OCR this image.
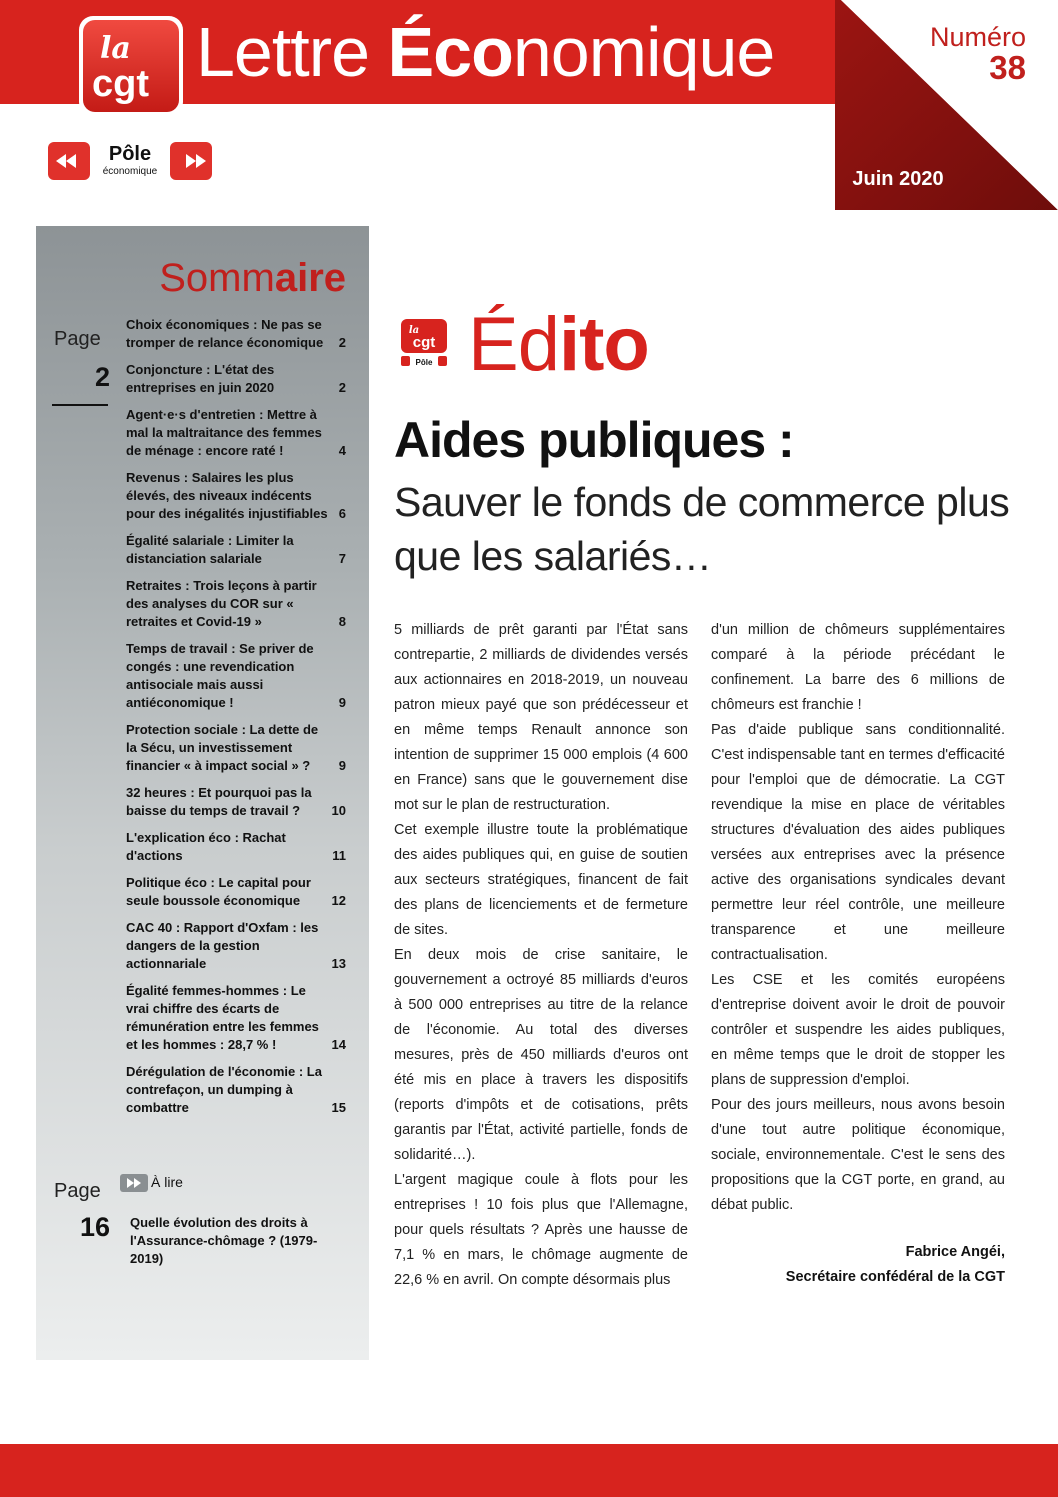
Numéro
38
Juin 2020
la
cgt Lettre Économique
Pôle
économique
Sommaire
Page
2
Choix économiques : Ne pas se tromper de relance économique 2
Conjoncture : L'état des entreprises en juin 2020	2
Agent·e·s d'entretien : Mettre à mal la maltraitance des femmes de ménage : encore raté !	4
Revenus : Salaires les plus élevés, des niveaux indécents pour des inégalités injustifiables 6
Égalité salariale : Limiter la distanciation salariale	7
Retraites : Trois leçons à partir des analyses du COR sur « retraites et Covid-19 »	8
Temps de travail : Se priver de congés : une revendication antisociale mais aussi antiéconomique !	9
Protection sociale : La dette de la Sécu, un investissement financier « à impact social » ? 9
32 heures : Et pourquoi pas la baisse du temps de travail ? 10
L'explication éco : Rachat d'actions	11
Politique éco : Le capital pour seule boussole économique 12
CAC 40 : Rapport d'Oxfam : les dangers de la gestion actionnariale	13
Égalité femmes-hommes : Le vrai chiffre des écarts de rémunération entre les femmes et les hommes : 28,7 % !	14
Dérégulation de l'économie : La contrefaçon, un dumping à combattre	15
Page
16
À lire
Quelle évolution des droits à l'Assurance-chômage ? (1979-2019)
cgt
la
Pôle Édito
Aides publiques :
Sauver le fonds de commerce plus que les salariés…

5 milliards de prêt garanti par l'État sans contrepartie, 2 milliards de dividendes versés aux actionnaires en 2018-2019, un nouveau patron mieux payé que son prédécesseur et en même temps Renault annonce son intention de supprimer 15 000 emplois (4 600 en France) sans que le gouvernement dise mot sur le plan de restructuration.

Cet exemple illustre toute la problématique des aides publiques qui, en guise de soutien aux secteurs stratégiques, financent de fait des plans de licenciements et de fermeture de sites.

En deux mois de crise sanitaire, le gouvernement a octroyé 85 milliards d'euros à 500 000 entreprises au titre de la relance de l'économie. Au total des diverses mesures, près de 450 milliards d'euros ont été mis en place à travers les dispositifs (reports d'impôts et de cotisations, prêts garantis par l'État, activité partielle, fonds de solidarité…).

L'argent magique coule à flots pour les entreprises ! 10 fois plus que l'Allemagne, pour quels résultats ? Après une hausse de 7,1 % en mars, le chômage augmente de 22,6 % en avril. On compte désormais plus

d'un million de chômeurs supplémentaires comparé à la période précédant le confinement. La barre des 6 millions de chômeurs est franchie !

Pas d'aide publique sans conditionnalité. C'est indispensable tant en termes d'efficacité pour l'emploi que de démocratie. La CGT revendique la mise en place de véritables structures d'évaluation des aides publiques versées aux entreprises avec la présence active des organisations syndicales devant permettre leur réel contrôle, une meilleure transparence et une meilleure contractualisation.

Les CSE et les comités européens d'entreprise doivent avoir le droit de pouvoir contrôler et suspendre les aides publiques, en même temps que le droit de stopper les plans de suppression d'emploi.

Pour des jours meilleurs, nous avons besoin d'une tout autre politique économique, sociale, environnementale. C'est le sens des propositions que la CGT porte, en grand, au débat public.

Fabrice Angéi,
Secrétaire confédéral de la CGT
